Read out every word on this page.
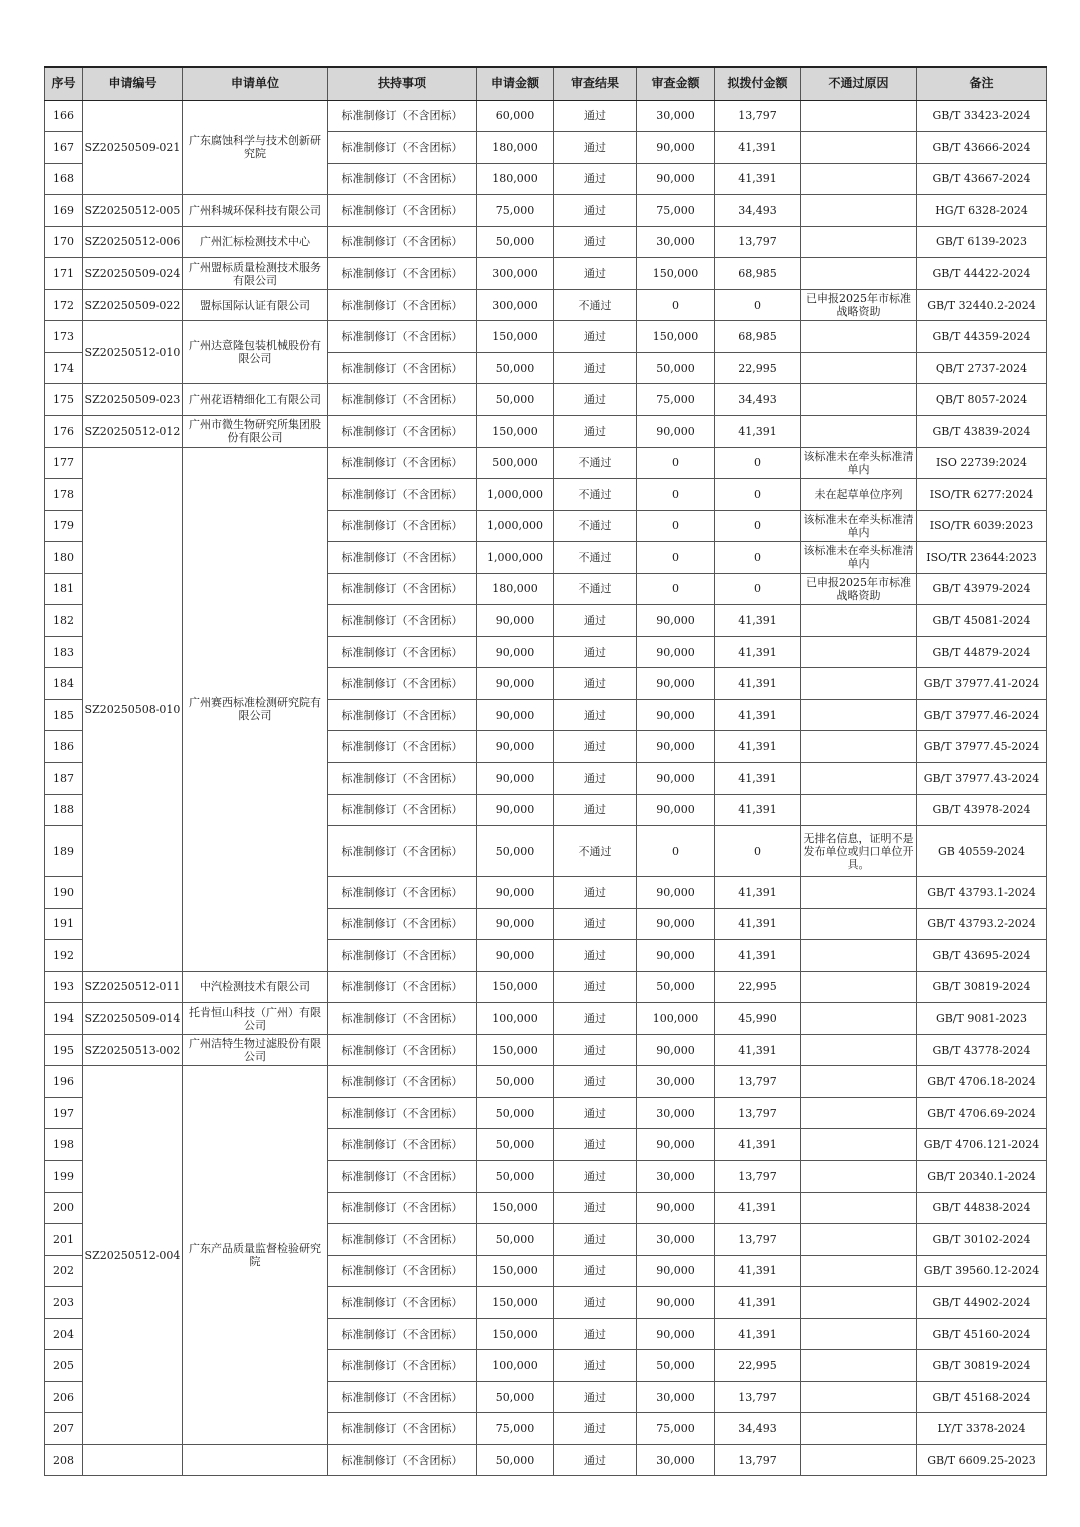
序号	申请编号	申请单位	扶持事项	申请金额	审查结果	审查金额	拟拨付金额	不通过原因	备注
166	SZ20250509-021	广东腐蚀科学与技术创新研究院	标准制修订（不含团标）	60,000	通过	30,000	13,797		GB/T 33423-2024
167			标准制修订（不含团标）	180,000	通过	90,000	41,391		GB/T 43666-2024
168			标准制修订（不含团标）	180,000	通过	90,000	41,391		GB/T 43667-2024
169	SZ20250512-005	广州科城环保科技有限公司	标准制修订（不含团标）	75,000	通过	75,000	34,493		HG/T 6328-2024
170	SZ20250512-006	广州汇标检测技术中心	标准制修订（不含团标）	50,000	通过	30,000	13,797		GB/T 6139-2023
171	SZ20250509-024	广州盟标质量检测技术服务有限公司	标准制修订（不含团标）	300,000	通过	150,000	68,985		GB/T 44422-2024
172	SZ20250509-022	盟标国际认证有限公司	标准制修订（不含团标）	300,000	不通过	0	0	已申报2025年市标准战略资助	GB/T 32440.2-2024
173	SZ20250512-010	广州达意隆包装机械股份有限公司	标准制修订（不含团标）	150,000	通过	150,000	68,985		GB/T 44359-2024
174			标准制修订（不含团标）	50,000	通过	50,000	22,995		QB/T 2737-2024
175	SZ20250509-023	广州花语精细化工有限公司	标准制修订（不含团标）	50,000	通过	75,000	34,493		QB/T 8057-2024
176	SZ20250512-012	广州市微生物研究所集团股份有限公司	标准制修订（不含团标）	150,000	通过	90,000	41,391		GB/T 43839-2024
177	SZ20250508-010	广州赛西标准检测研究院有限公司	标准制修订（不含团标）	500,000	不通过	0	0	该标准未在牵头标准清单内	ISO 22739:2024
178			标准制修订（不含团标）	1,000,000	不通过	0	0	未在起草单位序列	ISO/TR 6277:2024
179			标准制修订（不含团标）	1,000,000	不通过	0	0	该标准未在牵头标准清单内	ISO/TR 6039:2023
180			标准制修订（不含团标）	1,000,000	不通过	0	0	该标准未在牵头标准清单内	ISO/TR 23644:2023
181			标准制修订（不含团标）	180,000	不通过	0	0	已申报2025年市标准战略资助	GB/T 43979-2024
182			标准制修订（不含团标）	90,000	通过	90,000	41,391		GB/T 45081-2024
183			标准制修订（不含团标）	90,000	通过	90,000	41,391		GB/T 44879-2024
184			标准制修订（不含团标）	90,000	通过	90,000	41,391		GB/T 37977.41-2024
185			标准制修订（不含团标）	90,000	通过	90,000	41,391		GB/T 37977.46-2024
186			标准制修订（不含团标）	90,000	通过	90,000	41,391		GB/T 37977.45-2024
187			标准制修订（不含团标）	90,000	通过	90,000	41,391		GB/T 37977.43-2024
188			标准制修订（不含团标）	90,000	通过	90,000	41,391		GB/T 43978-2024
189			标准制修订（不含团标）	50,000	不通过	0	0	无排名信息，证明不是发布单位或归口单位开具。	GB 40559-2024
190			标准制修订（不含团标）	90,000	通过	90,000	41,391		GB/T 43793.1-2024
191			标准制修订（不含团标）	90,000	通过	90,000	41,391		GB/T 43793.2-2024
192			标准制修订（不含团标）	90,000	通过	90,000	41,391		GB/T 43695-2024
193	SZ20250512-011	中汽检测技术有限公司	标准制修订（不含团标）	150,000	通过	50,000	22,995		GB/T 30819-2024
194	SZ20250509-014	托肯恒山科技（广州）有限公司	标准制修订（不含团标）	100,000	通过	100,000	45,990		GB/T 9081-2023
195	SZ20250513-002	广州洁特生物过滤股份有限公司	标准制修订（不含团标）	150,000	通过	90,000	41,391		GB/T 43778-2024
196	SZ20250512-004	广东产品质量监督检验研究院	标准制修订（不含团标）	50,000	通过	30,000	13,797		GB/T 4706.18-2024
197			标准制修订（不含团标）	50,000	通过	30,000	13,797		GB/T 4706.69-2024
198			标准制修订（不含团标）	50,000	通过	90,000	41,391		GB/T 4706.121-2024
199			标准制修订（不含团标）	50,000	通过	30,000	13,797		GB/T 20340.1-2024
200			标准制修订（不含团标）	150,000	通过	90,000	41,391		GB/T 44838-2024
201			标准制修订（不含团标）	50,000	通过	30,000	13,797		GB/T 30102-2024
202			标准制修订（不含团标）	150,000	通过	90,000	41,391		GB/T 39560.12-2024
203			标准制修订（不含团标）	150,000	通过	90,000	41,391		GB/T 44902-2024
204			标准制修订（不含团标）	150,000	通过	90,000	41,391		GB/T 45160-2024
205			标准制修订（不含团标）	100,000	通过	50,000	22,995		GB/T 30819-2024
206			标准制修订（不含团标）	50,000	通过	30,000	13,797		GB/T 45168-2024
207			标准制修订（不含团标）	75,000	通过	75,000	34,493		LY/T 3378-2024
208			标准制修订（不含团标）	50,000	通过	30,000	13,797		GB/T 6609.25-2023
